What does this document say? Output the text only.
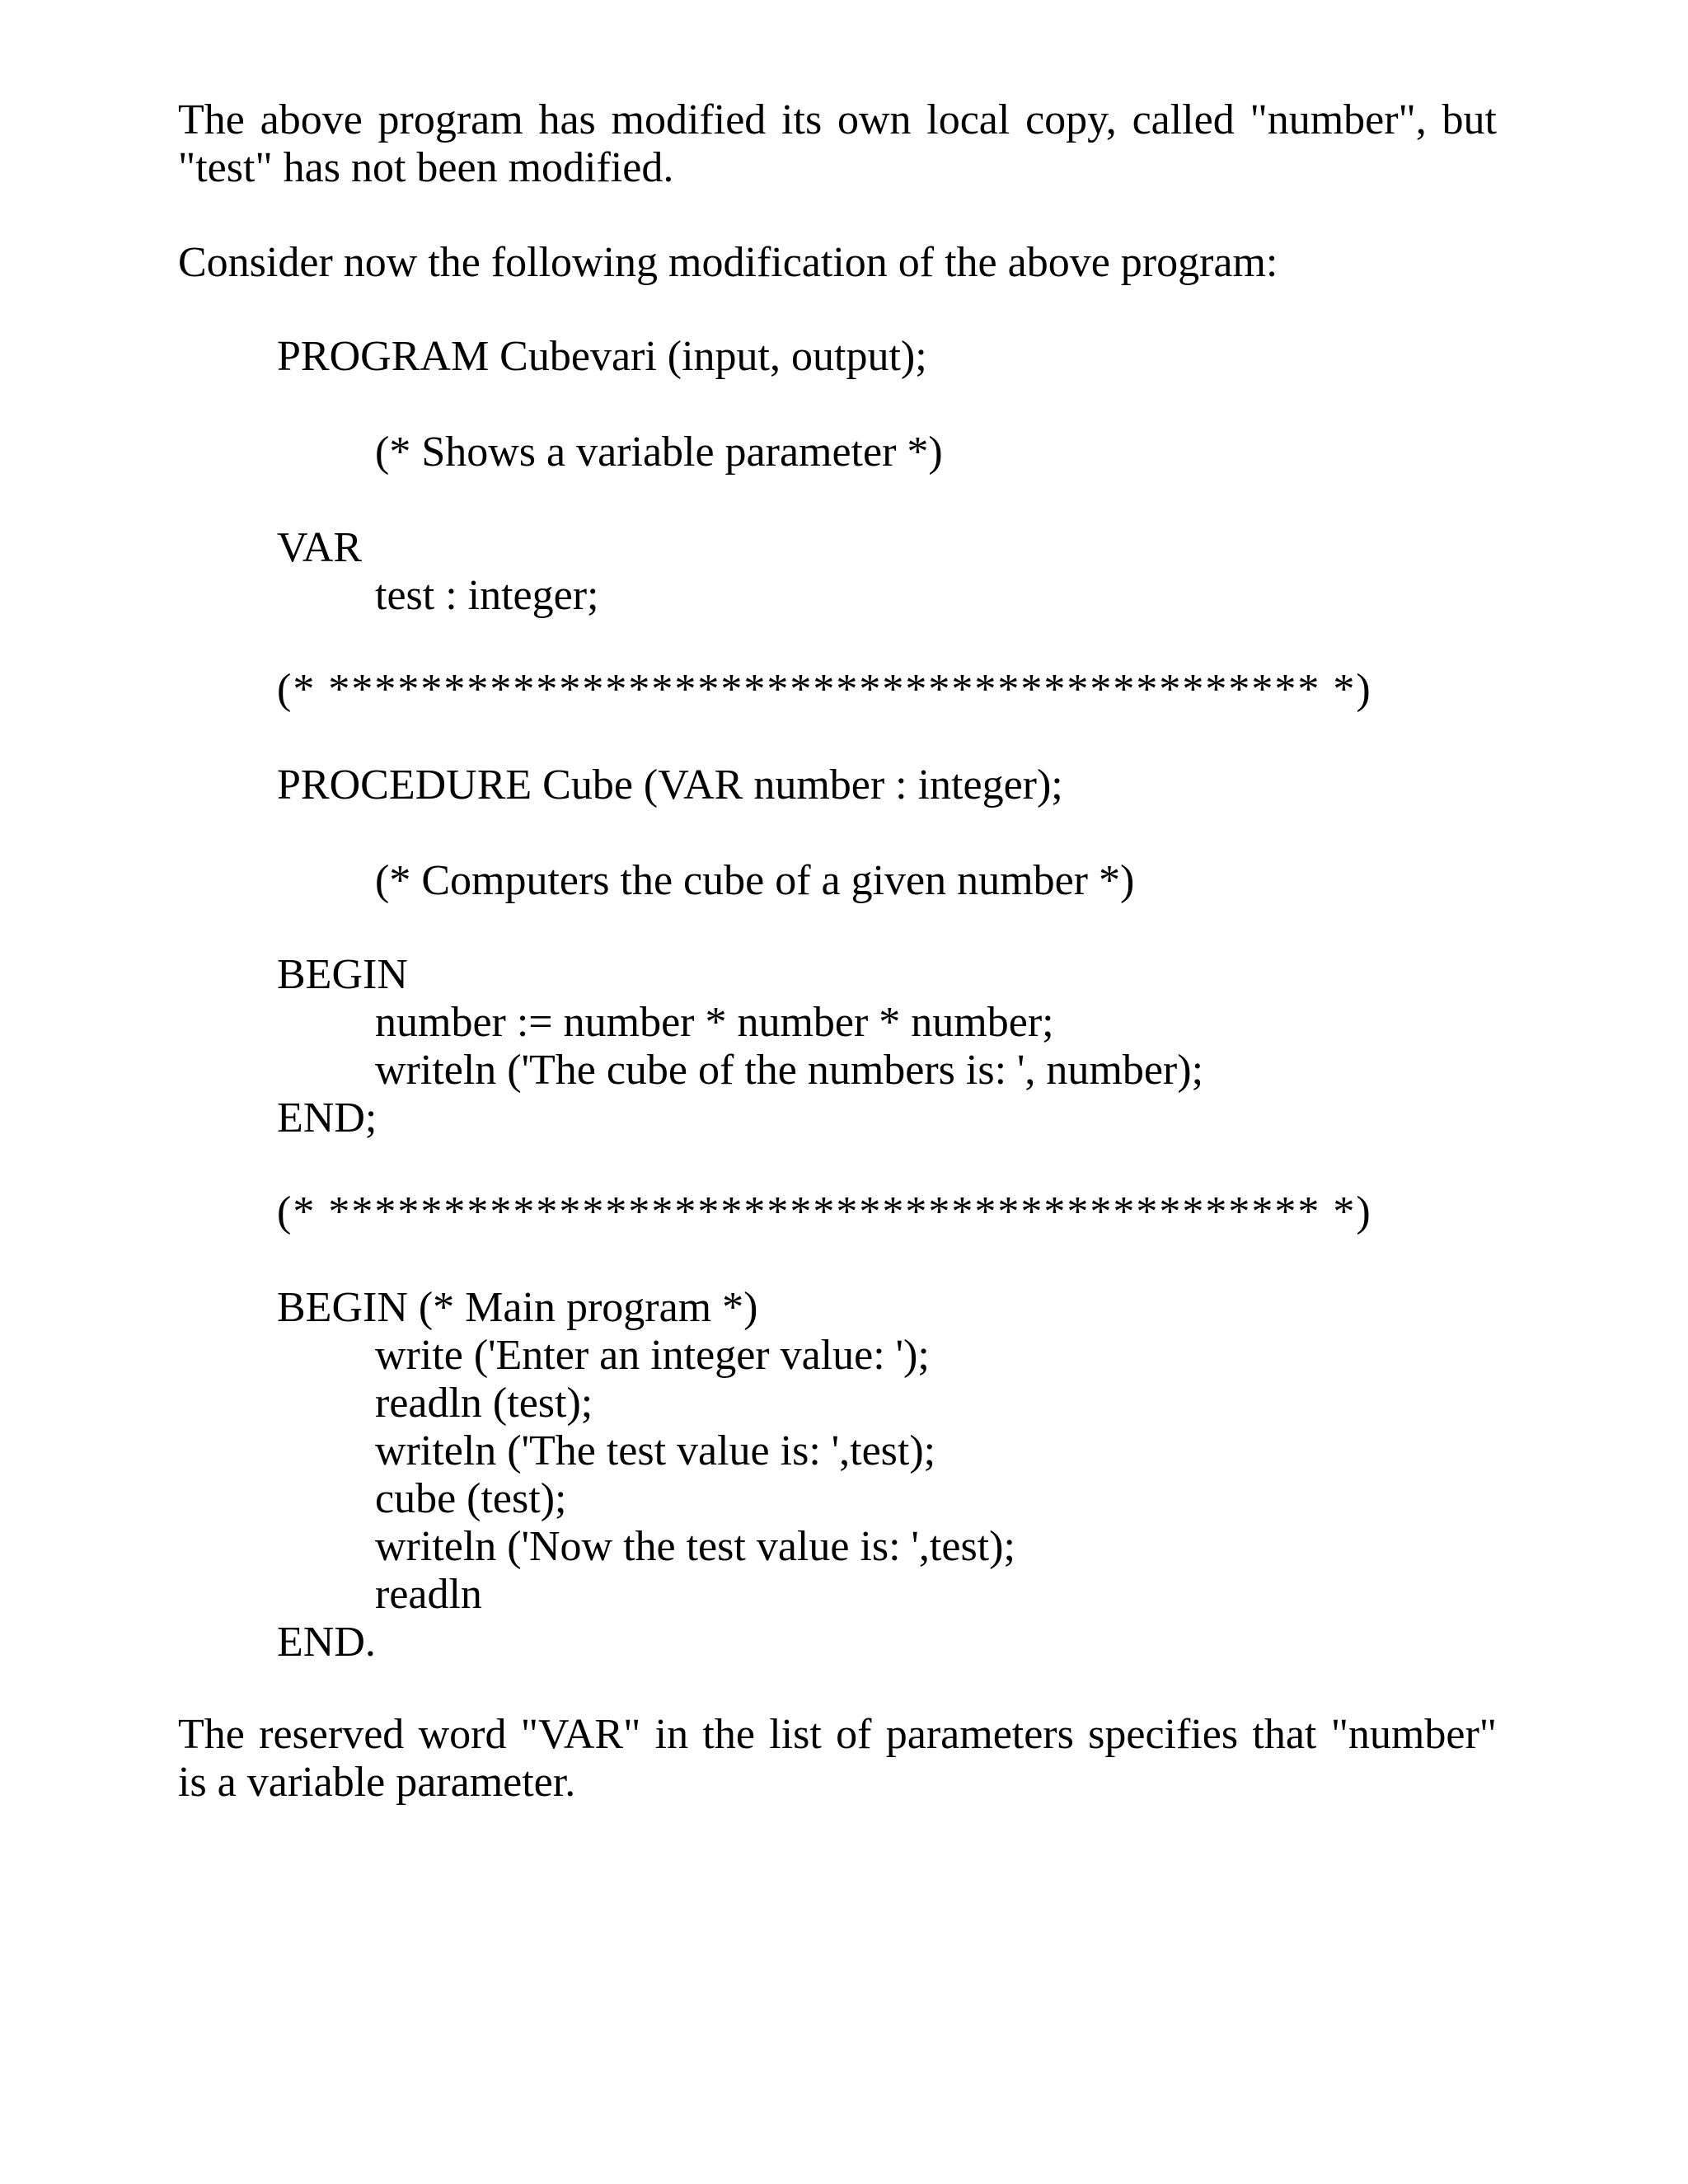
The above program has modified its own local copy, called "number", but "test" has not been modified.

Consider now the following modification of the above program:

PROGRAM Cubevari (input, output);

(* Shows a variable parameter *)

VAR

test : integer;

(* ******************************************* *)

PROCEDURE Cube (VAR number : integer);

(* Computers the cube of a given number *)

BEGIN

number := number * number * number;

writeln ('The cube of the numbers is: ', number);

END;

(* ******************************************* *)

BEGIN (* Main program *)

write ('Enter an integer value: ');

readln (test);

writeln ('The test value is: ',test);

cube (test);

writeln ('Now the test value is: ',test);

readln

END.

The reserved word "VAR" in the list of parameters specifies that "number" is a variable parameter.
